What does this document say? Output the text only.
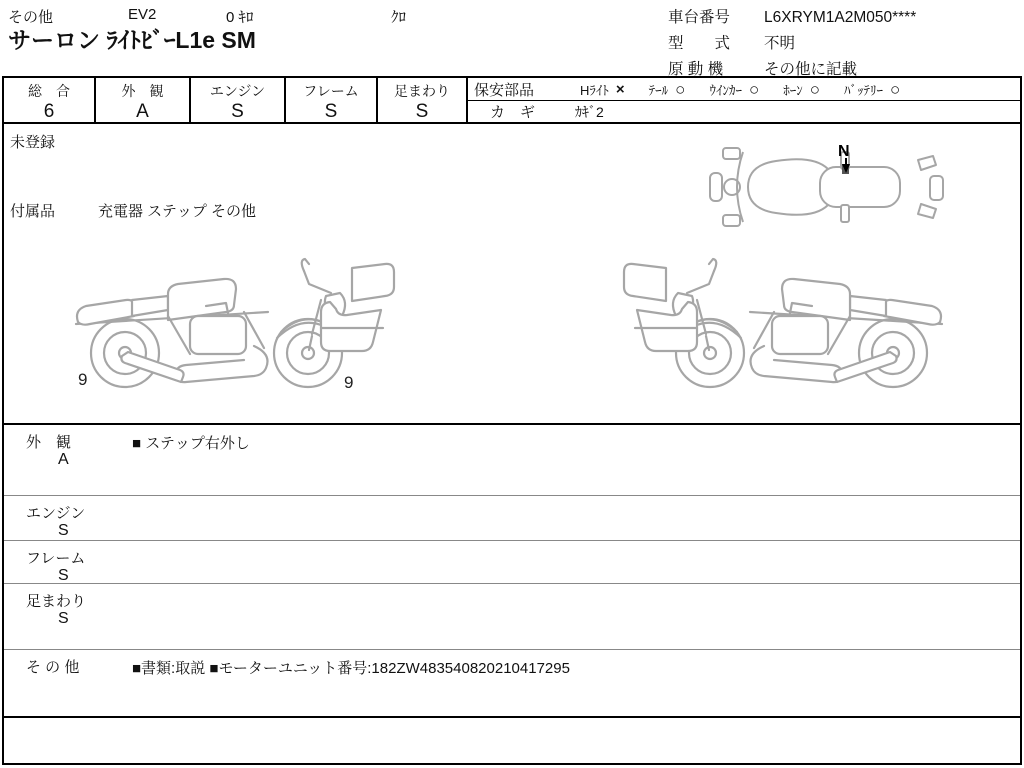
その他	EV2	0 ｷﾛ	ｸﾛ
サーロン ﾗｲﾄﾋﾞｰL1e SM
車台番号 L6XRYM1A2M050****
型　　式 不明
原 動 機	その他に記載
総　合
6
外　観
A
エンジン
S
フレーム
S
足まわり
S
保安部品	Hﾗｲﾄ × ﾃｰﾙ ○ ｳｲﾝｶｰ ○ ﾎｰﾝ ○ ﾊﾞｯﾃﾘｰ ○
カ　ギ	ｶｷﾞ2
未登録
付属品	充電器 ステップ その他
N
9	9
外　観
A
■ ステップ右外し
エンジン
S
フレーム
S
足まわり
S
そ の 他	■書類:取説 ■モーターユニット番号:182ZW483540820210417295
